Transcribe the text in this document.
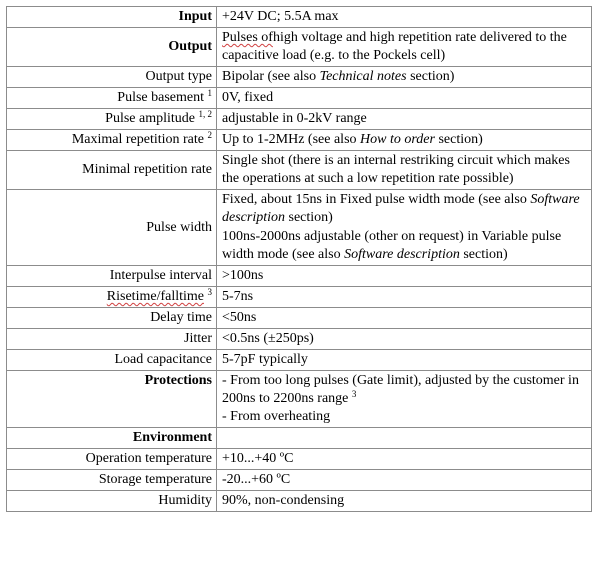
Input	+24V DC; 5.5A max
Output	Pulses ofhigh voltage and high repetition rate delivered to the capacitive load (e.g. to the Pockels cell)
Output type	Bipolar (see also Technical notes section)
Pulse basement $^1$	0V, fixed
Pulse amplitude $^{1, 2}$	adjustable in 0-2kV range
Maximal repetition rate $^2$	Up to 1-2MHz (see also How to order section)
Minimal repetition rate	Single shot (there is an internal restriking circuit which makes the operations at such a low repetition rate possible)
Pulse width	Fixed, about 15ns in Fixed pulse width mode (see also Software description section)

100ns-2000ns adjustable (other on request) in Variable pulse width mode (see also Software description section)

Interpulse interval	>100ns
Risetime/falltime $^3$	5-7ns
Delay time	<50ns
Jitter	<0.5ns (±250ps)
Load capacitance	5-7pF typically
Protections	- From too long pulses (Gate limit), adjusted by the customer in 200ns to 2200ns range $^3$
- From overheating
Environment	
Operation temperature	+10...+40 ºC
Storage temperature	-20...+60 ºC
Humidity	90%, non-condensing
